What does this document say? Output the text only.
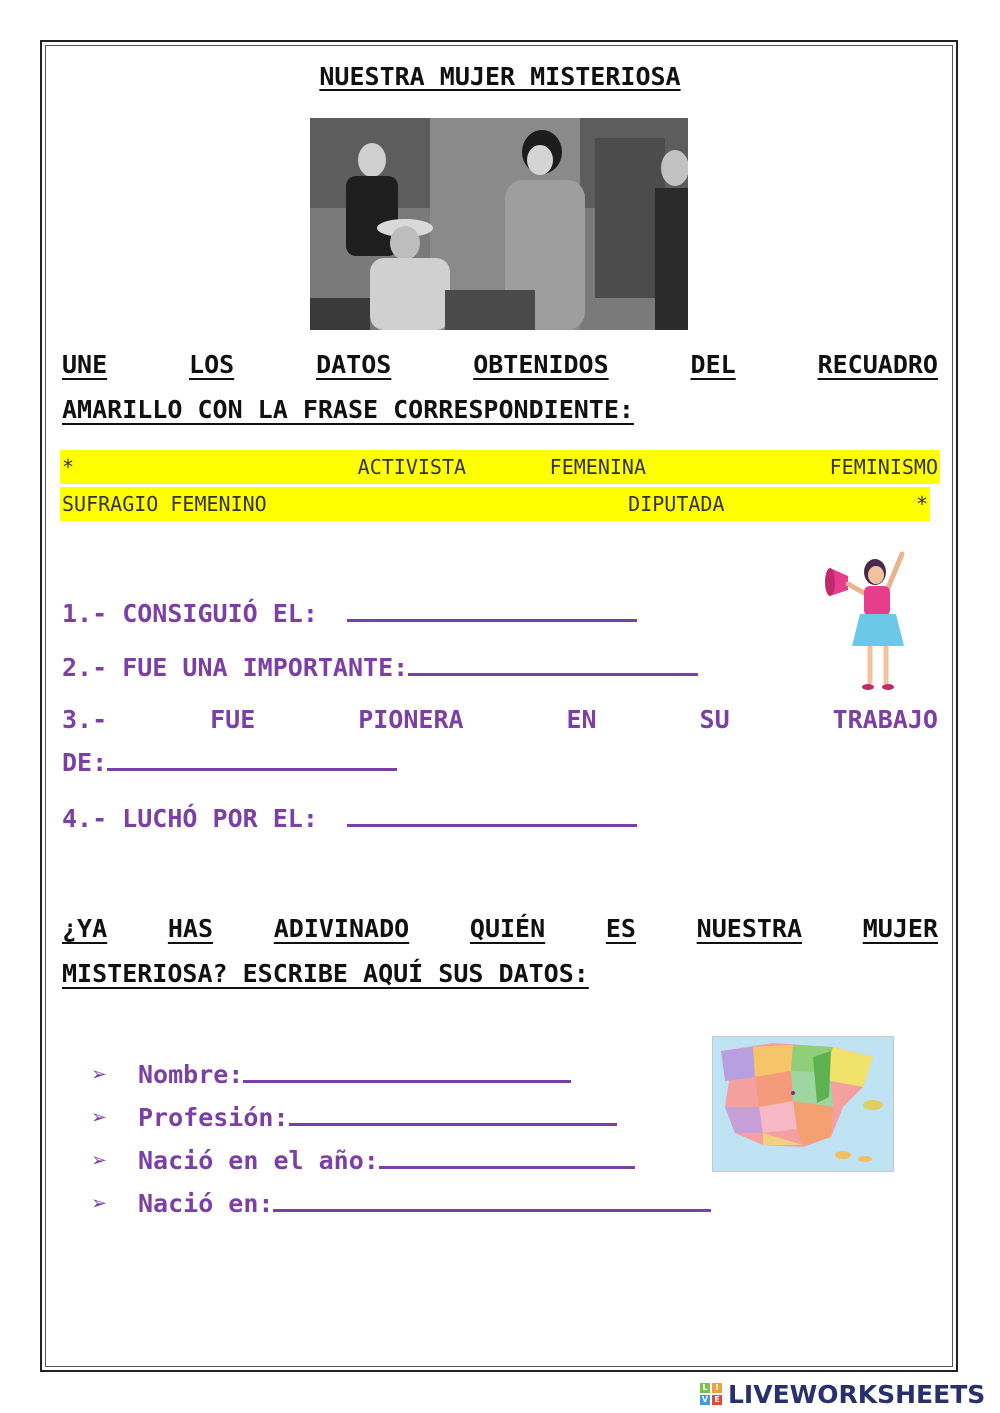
NUESTRA MUJER MISTERIOSA
UNE	LOS	DATOS	OBTENIDOS	DEL	RECUADRO
AMARILLO CON LA FRASE CORRESPONDIENTE:
*	ACTIVISTA	FEMENINA	FEMINISMO
SUFRAGIO FEMENINO	DIPUTADA	*
1.- CONSIGUIÓ EL:
2.- FUE UNA IMPORTANTE:
3.-	FUE	PIONERA	EN	SU	TRABAJO
DE:
4.- LUCHÓ POR EL:
¿YA HAS ADIVINADO QUIÉN ES NUESTRA MUJER
MISTERIOSA? ESCRIBE AQUÍ SUS DATOS:
➢ Nombre:
➢ Profesión:
➢ Nació en el año:
➢ Nació en:
L I
V E LIVEWORKSHEETS
